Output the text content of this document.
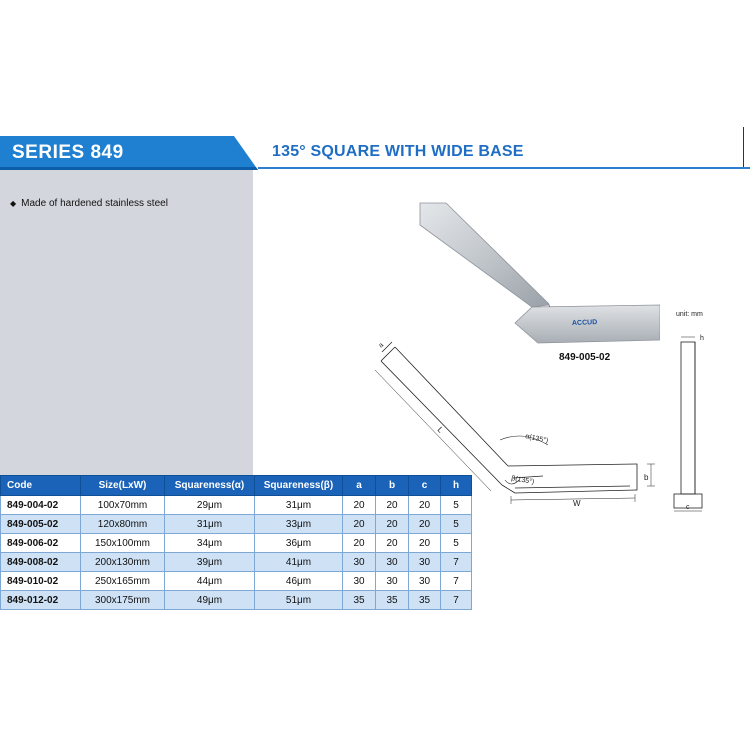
SERIES 849	135° SQUARE WITH WIDE BASE
◆ Made of hardened stainless steel
ACCUD
849-005-02
a
L
α(135°)
β(135°)
W
b
unit: mm
h
c
Code	Size(LxW)	Squareness(α)	Squareness(β)	a	b	c	h
849-004-02	100x70mm	29μm	31μm	20	20	20	5
849-005-02	120x80mm	31μm	33μm	20	20	20	5
849-006-02	150x100mm	34μm	36μm	20	20	20	5
849-008-02	200x130mm	39μm	41μm	30	30	30	7
849-010-02	250x165mm	44μm	46μm	30	30	30	7
849-012-02	300x175mm	49μm	51μm	35	35	35	7
